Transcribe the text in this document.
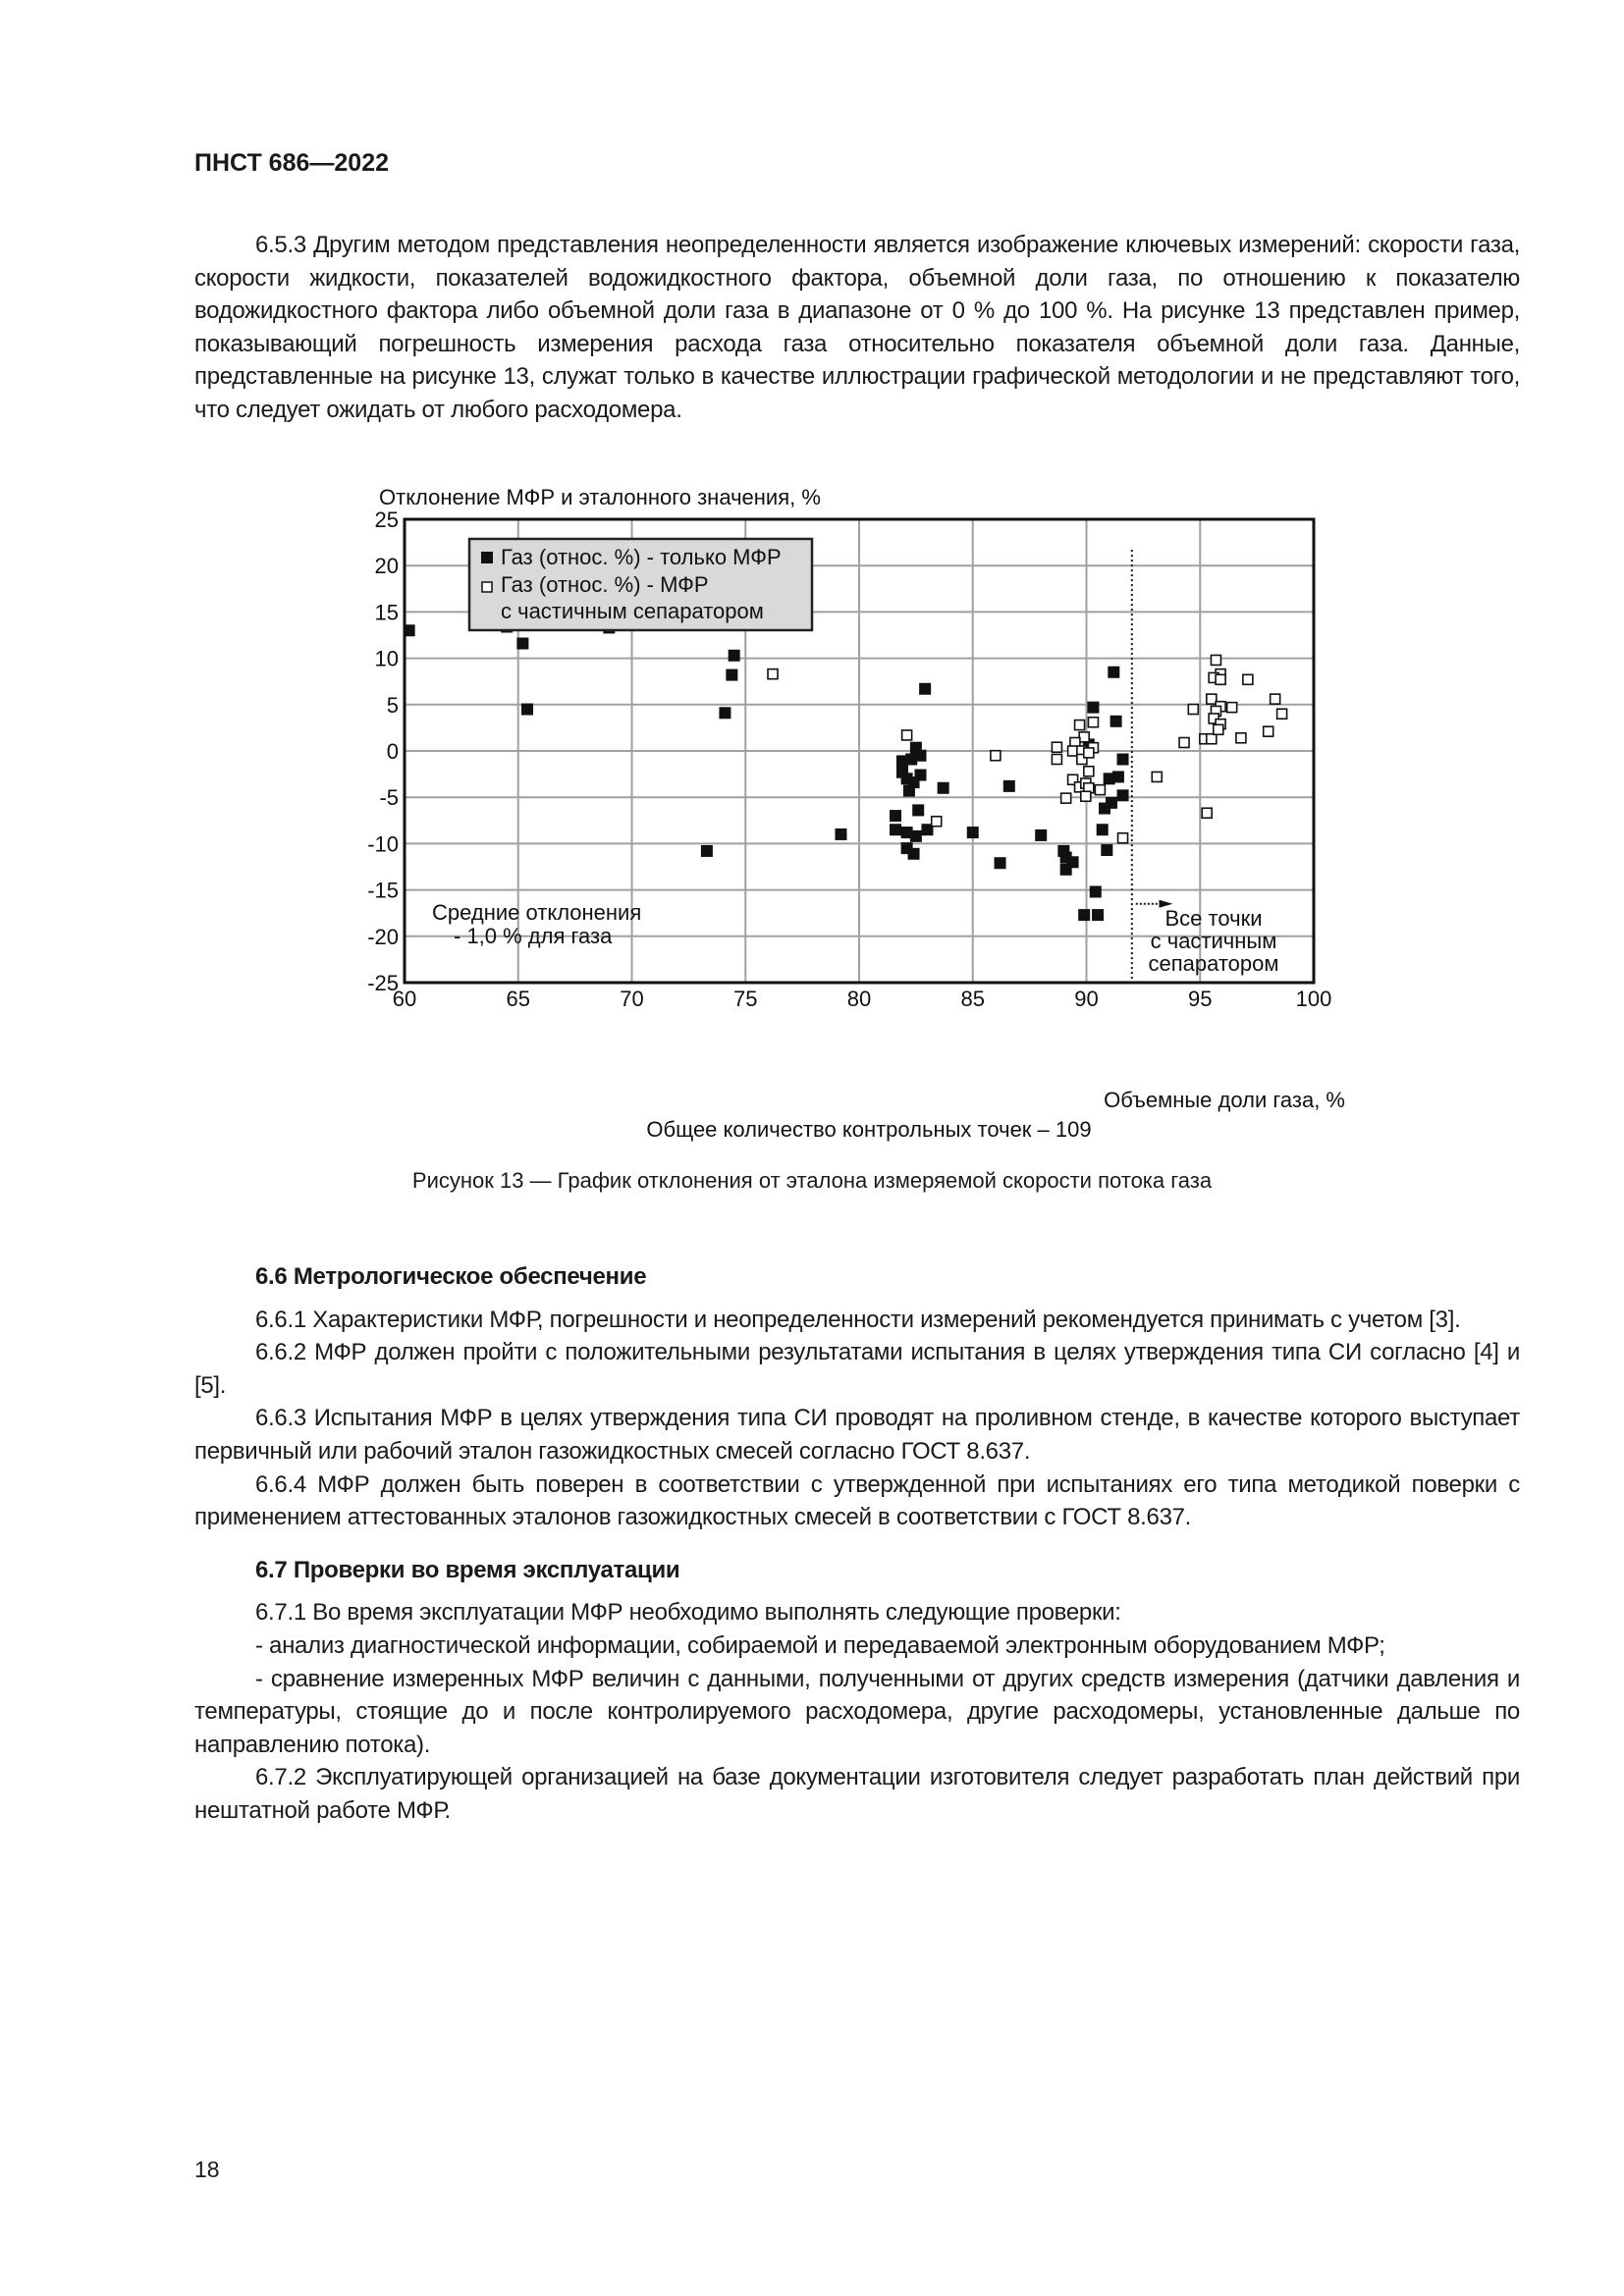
ПНСТ 686—2022

6.5.3 Другим методом представления неопределенности является изображение ключевых измерений: скорости газа, скорости жидкости, показателей водожидкостного фактора, объемной доли газа, по отношению к показателю водожидкостного фактора либо объемной доли газа в диапазоне от 0 % до 100 %. На рисунке 13 представлен пример, показывающий погрешность измерения расхода газа относительно показателя объемной доли газа. Данные, представленные на рисунке 13, служат только в качестве иллюстрации графической методологии и не представляют того, что следует ожидать от любого расходомера.

Отклонение МФР и эталонного значения, %
60	65	70	75	80	85	90	95	100
25
20
15
10
5
0
-5
-10
-15
-20
-25
Газ (относ. %) - только МФР
Газ (относ. %) - МФР
с частичным сепаратором
Средние отклонения
- 1,0 % для газа
Все точки
с частичным
сепаратором
Объемные доли газа, %
Общее количество контрольных точек – 109
Рисунок 13 — График отклонения от эталона измеряемой скорости потока газа
6.6 Метрологическое обеспечение

6.6.1 Характеристики МФР, погрешности и неопределенности измерений рекомендуется принимать с учетом [3].

6.6.2 МФР должен пройти с положительными результатами испытания в целях утверждения типа СИ согласно [4] и [5].

6.6.3 Испытания МФР в целях утверждения типа СИ проводят на проливном стенде, в качестве которого выступает первичный или рабочий эталон газожидкостных смесей согласно ГОСТ 8.637.

6.6.4 МФР должен быть поверен в соответствии с утвержденной при испытаниях его типа методикой поверки с применением аттестованных эталонов газожидкостных смесей в соответствии с ГОСТ 8.637.

6.7 Проверки во время эксплуатации

6.7.1 Во время эксплуатации МФР необходимо выполнять следующие проверки:

- анализ диагностической информации, собираемой и передаваемой электронным оборудованием МФР;

- сравнение измеренных МФР величин с данными, полученными от других средств измерения (датчики давления и температуры, стоящие до и после контролируемого расходомера, другие расходомеры, установленные дальше по направлению потока).

6.7.2 Эксплуатирующей организацией на базе документации изготовителя следует разработать план действий при нештатной работе МФР.

18
